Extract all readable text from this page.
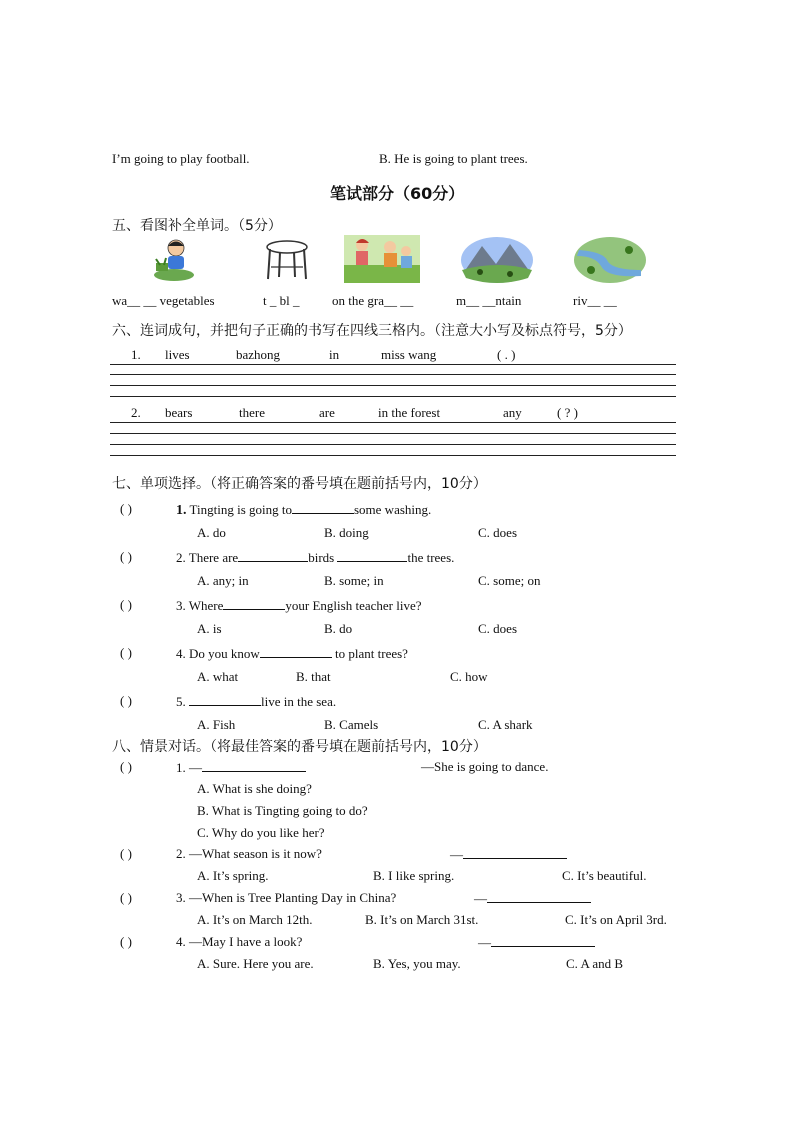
I’m going to play football.	B. He is going to plant trees.
笔试部分（60分）
五、看图补全单词。（5分）
wa__ __ vegetables	t _ bl _	on the gra__ __	m__ __ntain	riv__ __
六、连词成句，并把句子正确的书写在四线三格内。（注意大小写及标点符号，5分）
1. lives	bazhong	in	miss wang	( . )
2. bears	there	are	in the forest	any	( ? )
七、单项选择。（将正确答案的番号填在题前括号内，10分）
( )	1. Tingting is going to	some washing.
A. do	B. doing	C. does
( )	2. There are	birds	the trees.
A. any; in	B. some; in	C. some; on
( )	3. Where	your English teacher live?
A. is	B. do	C. does
( )	4. Do you know	to plant trees?
A. what	B. that	C. how
( )	5.	live in the sea.
A. Fish	B. Camels	C. A shark
八、情景对话。（将最佳答案的番号填在题前括号内，10分）
( )	1. —	—She is going to dance.
A. What is she doing?
B. What is Tingting going to do?
C. Why do you like her?
( )	2. —What season is it now?	—
A. It’s spring.	B. I like spring.	C. It’s beautiful.
( )	3. —When is Tree Planting Day in China?	—
A. It’s on March 12th.	B. It’s on March 31st.	C. It’s on April 3rd.
( )	4. —May I have a look?	—
A. Sure. Here you are.	B. Yes, you may.	C. A and B
